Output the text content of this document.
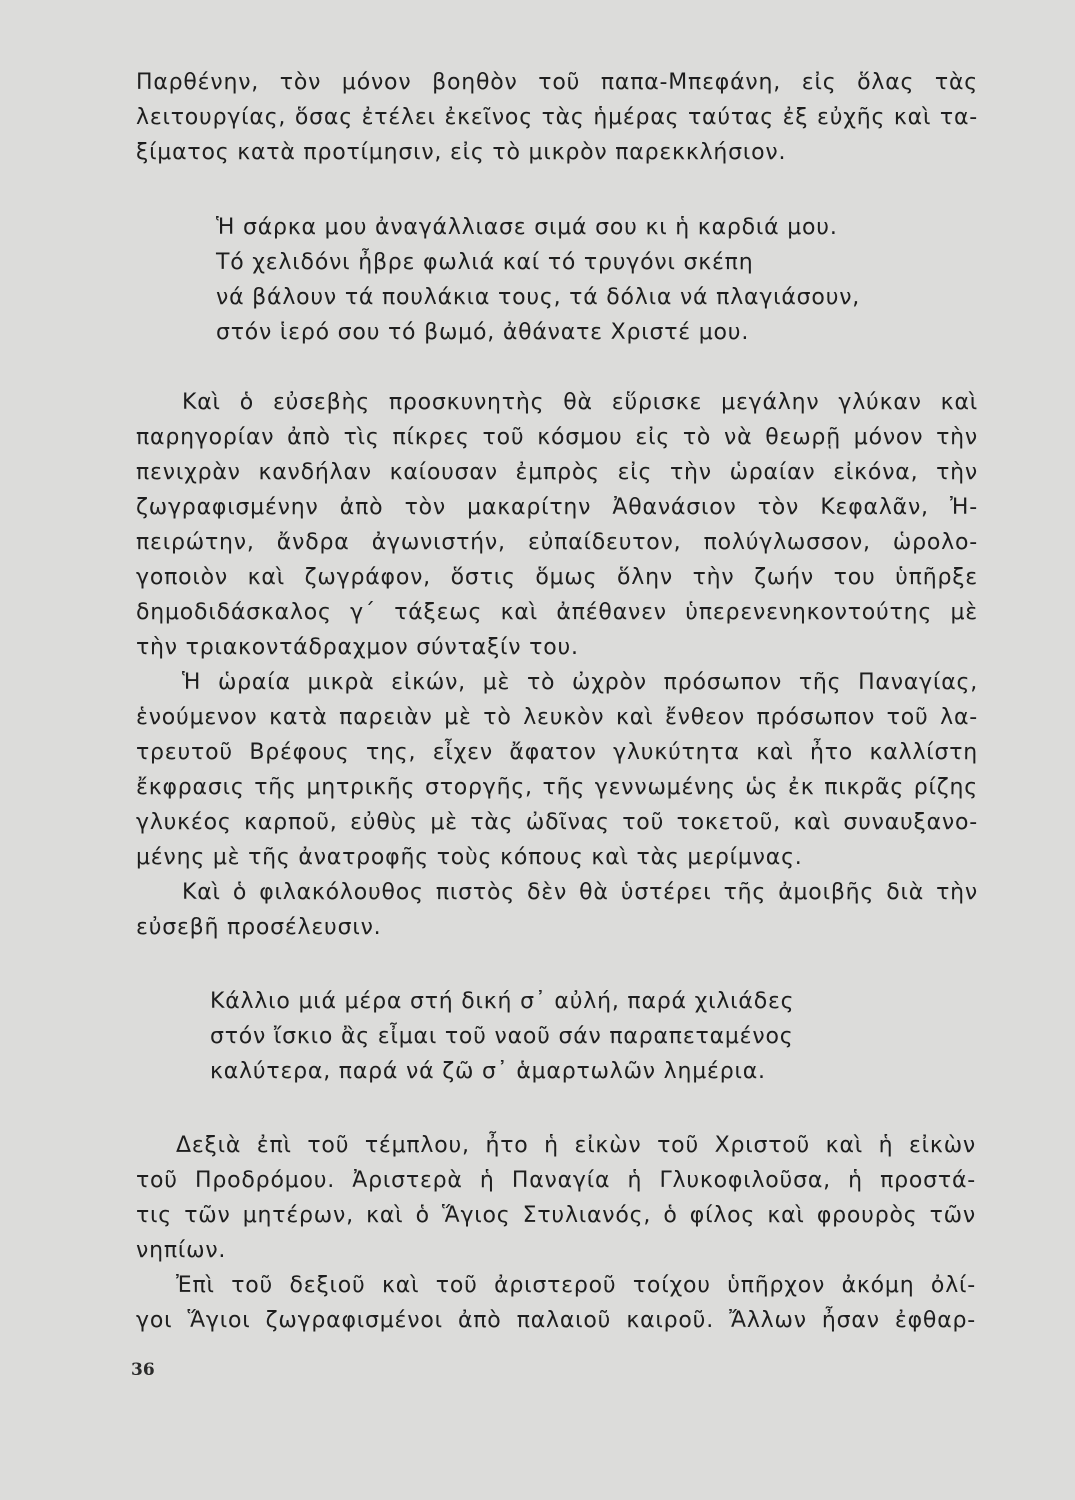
Παρθένην, τὸν μόνον βοηθὸν τοῦ παπα-Μπεφάνη, εἰς ὅλας τὰς
λειτουργίας, ὅσας ἐτέλει ἐκεῖνος τὰς ἡμέρας ταύτας ἐξ εὐχῆς καὶ τα-
ξίματος κατὰ προτίμησιν, εἰς τὸ μικρὸν παρεκκλήσιον.
Ἡ σάρκα μου ἀναγάλλιασε σιμά σου κι ἡ καρδιά μου.
Τό χελιδόνι ἦβρε φωλιά καί τό τρυγόνι σκέπη
νά βάλουν τά πουλάκια τους, τά δόλια νά πλαγιάσουν,
στόν ἱερό σου τό βωμό, ἀθάνατε Χριστέ μου.
Καὶ ὁ εὐσεβὴς προσκυνητὴς θὰ εὕρισκε μεγάλην γλύκαν καὶ
παρηγορίαν ἀπὸ τὶς πίκρες τοῦ κόσμου εἰς τὸ νὰ θεωρῇ μόνον τὴν
πενιχρὰν κανδήλαν καίουσαν ἐμπρὸς εἰς τὴν ὡραίαν εἰκόνα, τὴν
ζωγραφισμένην ἀπὸ τὸν μακαρίτην Ἀθανάσιον τὸν Κεφαλᾶν, Ἠ-
πειρώτην, ἄνδρα ἀγωνιστήν, εὐπαίδευτον, πολύγλωσσον, ὡρολο-
γοποιὸν καὶ ζωγράφον, ὅστις ὅμως ὅλην τὴν ζωήν του ὑπῆρξε
δημοδιδάσκαλος γ΄ τάξεως καὶ ἀπέθανεν ὑπερενενηκοντούτης μὲ
τὴν τριακοντάδραχμον σύνταξίν του.
Ἡ ὡραία μικρὰ εἰκών, μὲ τὸ ὠχρὸν πρόσωπον τῆς Παναγίας,
ἑνούμενον κατὰ παρειὰν μὲ τὸ λευκὸν καὶ ἔνθεον πρόσωπον τοῦ λα-
τρευτοῦ Βρέφους της, εἶχεν ἄφατον γλυκύτητα καὶ ἦτο καλλίστη
ἔκφρασις τῆς μητρικῆς στοργῆς, τῆς γεννωμένης ὡς ἐκ πικρᾶς ρίζης
γλυκέος καρποῦ, εὐθὺς μὲ τὰς ὠδῖνας τοῦ τοκετοῦ, καὶ συναυξανο-
μένης μὲ τῆς ἀνατροφῆς τοὺς κόπους καὶ τὰς μερίμνας.
Καὶ ὁ φιλακόλουθος πιστὸς δὲν θὰ ὑστέρει τῆς ἀμοιβῆς διὰ τὴν
εὐσεβῆ προσέλευσιν.
Κάλλιο μιά μέρα στή δική σ᾽ αὐλή, παρά χιλιάδες
στόν ἴσκιο ἂς εἶμαι τοῦ ναοῦ σάν παραπεταμένος
καλύτερα, παρά νά ζῶ σ᾽ ἁμαρτωλῶν λημέρια.
Δεξιὰ ἐπὶ τοῦ τέμπλου, ἦτο ἡ εἰκὼν τοῦ Χριστοῦ καὶ ἡ εἰκὼν
τοῦ Προδρόμου. Ἀριστερὰ ἡ Παναγία ἡ Γλυκοφιλοῦσα, ἡ προστά-
τις τῶν μητέρων, καὶ ὁ Ἅγιος Στυλιανός, ὁ φίλος καὶ φρουρὸς τῶν
νηπίων.
Ἐπὶ τοῦ δεξιοῦ καὶ τοῦ ἀριστεροῦ τοίχου ὑπῆρχον ἀκόμη ὀλί-
γοι Ἅγιοι ζωγραφισμένοι ἀπὸ παλαιοῦ καιροῦ. Ἄλλων ἦσαν ἐφθαρ-
36
